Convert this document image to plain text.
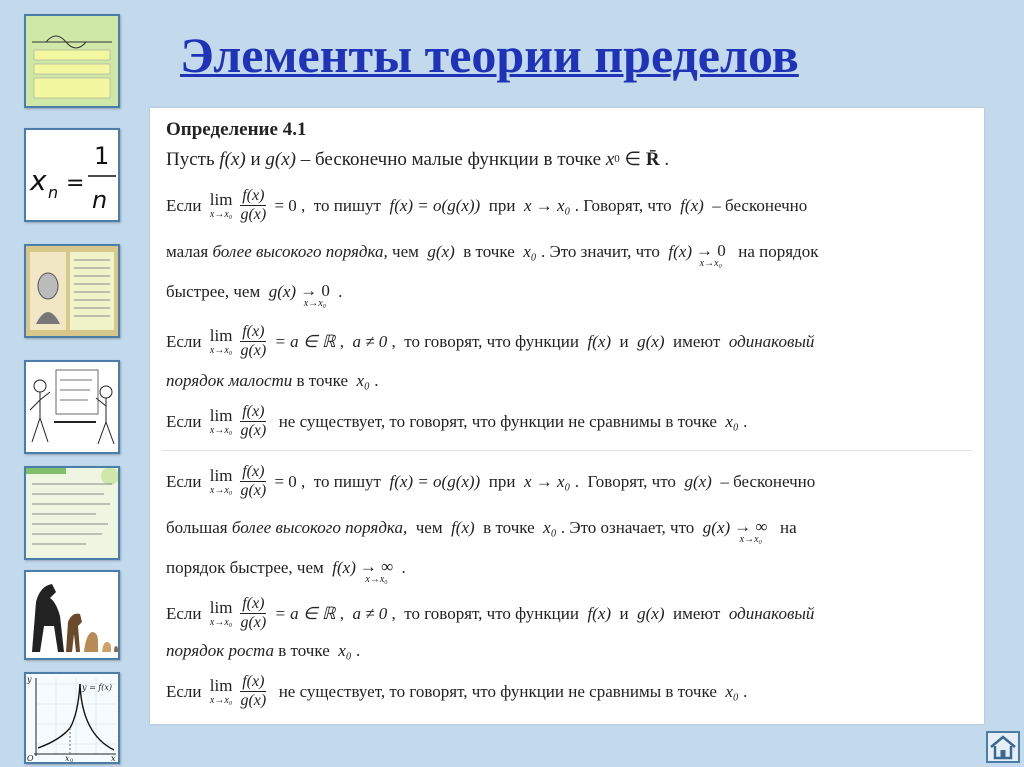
Элементы теории пределов
x n =
1
n
y = f(x)
O	x 0	x
y
Определение 4.1
Пусть f(x) и g(x) – бесконечно малые функции в точке x 0 ∈ R̄ .
Если lim
$x\to x_0 \frac{f(x)}{g(x)} = 0$ ,  то пишут f(x) = o(g(x)) при x → x₀ . Говорят, что f(x) – бесконечно
малая более высокого порядка, чем g(x) в точке x₀ . Это значит, что f(x) → 0
x→x₀
на порядок
быстрее, чем g(x) → 0
x→x₀
.
Если lim
$x\to x_0 \frac{f(x)}{g(x)} = a$ ∈ ℝ , a ≠ 0 ,  то говорят, что функции f(x) и g(x) имеют одинаковый
порядок малости в точке x₀ .
Если lim
$x\to x_0 \frac{f(x)}{g(x)}$ не существует, то говорят, что функции не сравнимы в точке x₀ .
Если lim
$x\to x_0 \frac{f(x)}{g(x)} = 0$ ,  то пишут f(x) = o(g(x)) при x → x₀ .  Говорят, что g(x) – бесконечно
большая более высокого порядка, чем f(x) в точке x₀ . Это означает, что g(x) → ∞
x→x₀
на
порядок быстрее, чем f(x) → ∞
x→x₀
.
Если lim
$x\to x_0 \frac{f(x)}{g(x)} = a$ ∈ ℝ , a ≠ 0 ,  то говорят, что функции f(x) и g(x) имеют одинаковый
порядок роста в точке x₀ .
Если lim
$x\to x_0 \frac{f(x)}{g(x)}$ не существует, то говорят, что функции не сравнимы в точке x₀ .
